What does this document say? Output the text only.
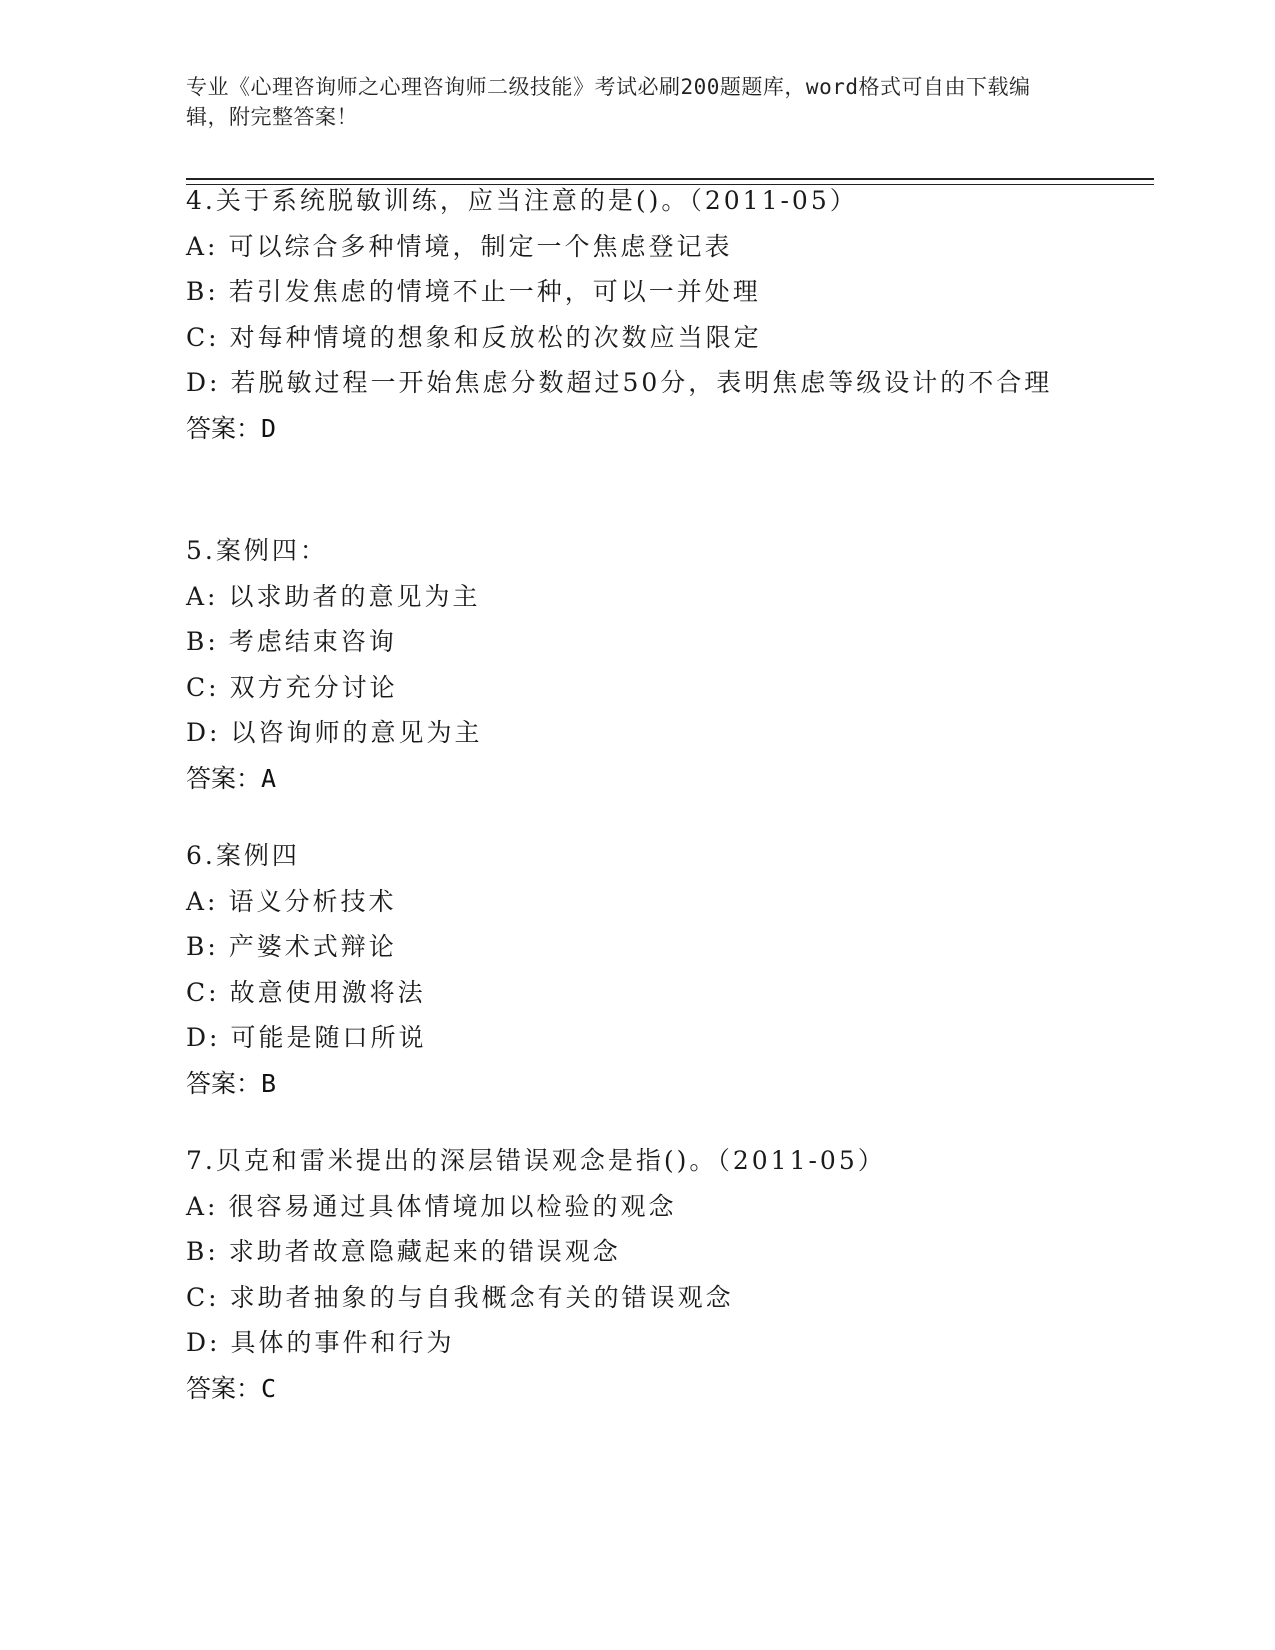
专业《心理咨询师之心理咨询师二级技能》考试必刷200题题库，word格式可自由下载编辑，附完整答案！
4.关于系统脱敏训练，应当注意的是()。（2011-05）
A: 可以综合多种情境，制定一个焦虑登记表
B: 若引发焦虑的情境不止一种，可以一并处理
C: 对每种情境的想象和反放松的次数应当限定
D: 若脱敏过程一开始焦虑分数超过50分，表明焦虑等级设计的不合理
答案：D
5.案例四：
A: 以求助者的意见为主
B: 考虑结束咨询
C: 双方充分讨论
D: 以咨询师的意见为主
答案：A
6.案例四
A: 语义分析技术
B: 产婆术式辩论
C: 故意使用激将法
D: 可能是随口所说
答案：B
7.贝克和雷米提出的深层错误观念是指()。（2011-05）
A: 很容易通过具体情境加以检验的观念
B: 求助者故意隐藏起来的错误观念
C: 求助者抽象的与自我概念有关的错误观念
D: 具体的事件和行为
答案：C
